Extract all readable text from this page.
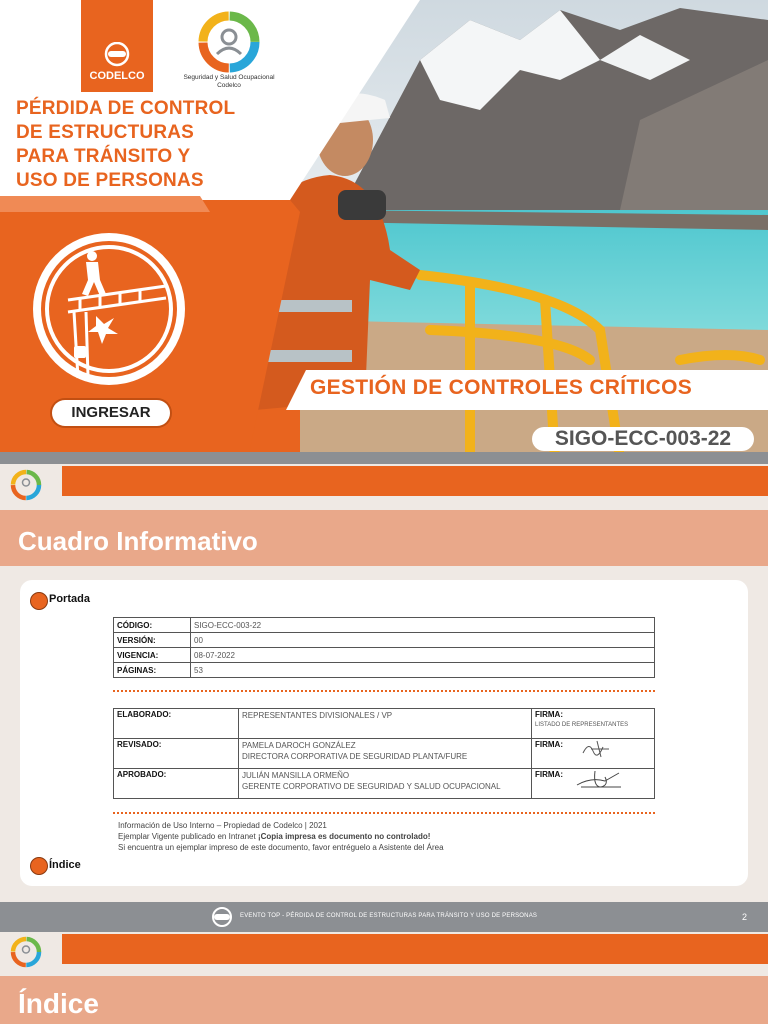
CODELCO	Seguridad y Salud Ocupacional
Codelco
PÉRDIDA DE CONTROL
DE ESTRUCTURAS
PARA TRÁNSITO Y
USO DE PERSONAS
INGRESAR
GESTIÓN DE CONTROLES CRÍTICOS
SIGO-ECC-003-22
Cuadro Informativo
Portada
CÓDIGO:	SIGO-ECC-003-22
VERSIÓN:	00
VIGENCIA:	08-07-2022
PÁGINAS:	53
ELABORADO:	REPRESENTANTES DIVISIONALES / VP	FIRMA:
LISTADO DE REPRESENTANTES
REVISADO:	PAMELA DAROCH GONZÁLEZ
DIRECTORA CORPORATIVA DE SEGURIDAD PLANTA/FURE	FIRMA:

APROBADO:	JULIÁN MANSILLA ORMEÑO
GERENTE CORPORATIVO DE SEGURIDAD Y SALUD OCUPACIONAL	FIRMA:
Información de Uso Interno – Propiedad de Codelco | 2021
Ejemplar Vigente publicado en Intranet ¡Copia impresa es documento no controlado!
Si encuentra un ejemplar impreso de este documento, favor entréguelo a Asistente del Área
Índice
EVENTO TOP - PÉRDIDA DE CONTROL DE ESTRUCTURAS PARA TRÁNSITO Y USO DE PERSONAS	2
Índice
